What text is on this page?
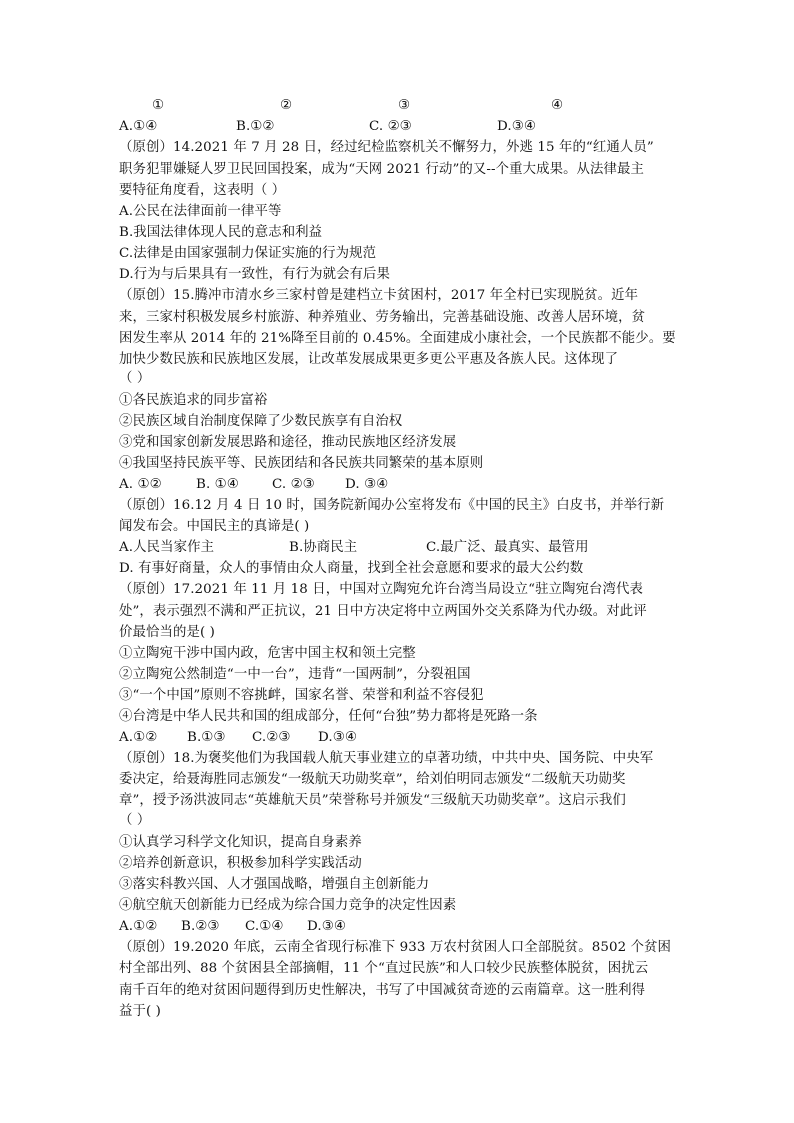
①	②	③	④
A.①④	B.①②	C. ②③	D.③④
（原创）14.2021 年 7 月 28 日，经过纪检监察机关不懈努力，外逃 15 年的“红通人员”
职务犯罪嫌疑人罗卫民回国投案，成为“天网 2021 行动”的又--个重大成果。从法律最主
要特征角度看，这表明（ ）
A.公民在法律面前一律平等
B.我国法律体现人民的意志和利益
C.法律是由国家强制力保证实施的行为规范
D.行为与后果具有一致性，有行为就会有后果
（原创）15.腾冲市清水乡三家村曾是建档立卡贫困村，2017 年全村已实现脱贫。近年
来，三家村积极发展乡村旅游、种养殖业、劳务输出，完善基础设施、改善人居环境，贫
困发生率从 2014 年的 21%降至目前的 0.45%。全面建成小康社会，一个民族都不能少。要
加快少数民族和民族地区发展，让改革发展成果更多更公平惠及各族人民。这体现了
（ ）
①各民族追求的同步富裕
②民族区域自治制度保障了少数民族享有自治权
③党和国家创新发展思路和途径，推动民族地区经济发展
④我国坚持民族平等、民族团结和各民族共同繁荣的基本原则
A. ①②	B. ①④ C. ②③ D. ③④
（原创）16.12 月 4 日 10 时，国务院新闻办公室将发布《中国的民主》白皮书，并举行新
闻发布会。中国民主的真谛是( )
A.人民当家作主	B.协商民主	C.最广泛、最真实、最管用
D. 有事好商量，众人的事情由众人商量，找到全社会意愿和要求的最大公约数
（原创）17.2021 年 11 月 18 日，中国对立陶宛允许台湾当局设立“驻立陶宛台湾代表
处”，表示强烈不满和严正抗议，21 日中方决定将中立两国外交关系降为代办级。对此评
价最恰当的是( )
①立陶宛干涉中国内政，危害中国主权和领土完整
②立陶宛公然制造“一中一台”，违背“一国两制”，分裂祖国
③“一个中国”原则不容挑衅，国家名誉、荣誉和利益不容侵犯
④台湾是中华人民共和国的组成部分，任何“台独”势力都将是死路一条
A.①② B.①③ C.②③ D.③④
（原创）18.为褒奖他们为我国载人航天事业建立的卓著功绩，中共中央、国务院、中央军
委决定，给聂海胜同志颁发“一级航天功勋奖章”，给刘伯明同志颁发“二级航天功勋奖
章”，授予汤洪波同志“英雄航天员”荣誉称号并颁发“三级航天功勋奖章”。这启示我们
（ ）
①认真学习科学文化知识，提高自身素养
②培养创新意识，积极参加科学实践活动
③落实科教兴国、人才强国战略，增强自主创新能力
④航空航天创新能力已经成为综合国力竞争的决定性因素
A.①② B.②③ C.①④ D.③④
（原创）19.2020 年底，云南全省现行标准下 933 万农村贫困人口全部脱贫。8502 个贫困
村全部出列、88 个贫困县全部摘帽，11 个“直过民族”和人口较少民族整体脱贫，困扰云
南千百年的绝对贫困问题得到历史性解决，书写了中国减贫奇迹的云南篇章。这一胜利得
益于( )
